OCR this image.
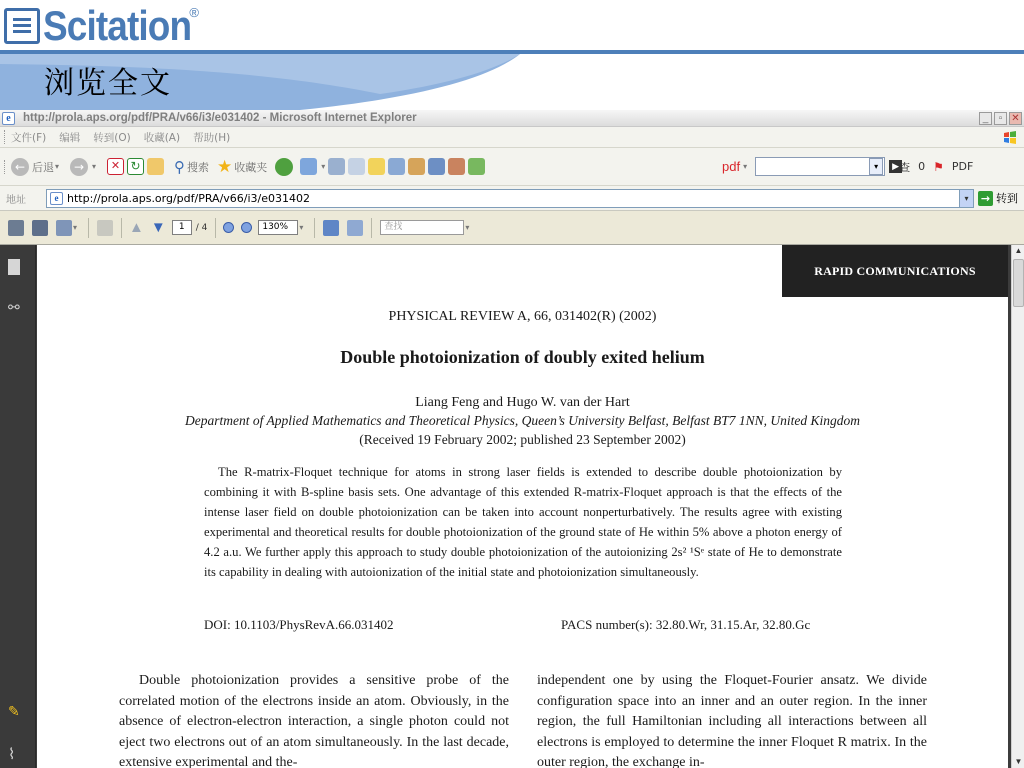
Scitation
®
浏览全文
e	http://prola.aps.org/pdf/PRA/v66/i3/e031402 - Microsoft Internet Explorer	_	▫ ✕
文件(F) 编辑 转到(O) 收藏(A) 帮助(H)
← 后退 ▾	→ ▾	✕ ↻ ⚲ 搜索 ★ 收藏夹	▾	pdf ▾	▾	▶ 查 0 ⚑ PDF
地址	e http://prola.aps.org/pdf/PRA/v66/i3/e031402	▾	→ 转到
▾	▲ ▼	1	/ 4	130%	▾	查找	▾
⚯
✎
⌇
RAPID COMMUNICATIONS
PHYSICAL REVIEW A, 66, 031402(R) (2002)
Double photoionization of doubly exited helium
Liang Feng and Hugo W. van der Hart
Department of Applied Mathematics and Theoretical Physics, Queen’s University Belfast, Belfast BT7 1NN, United Kingdom
(Received 19 February 2002; published 23 September 2002)

The R-matrix-Floquet technique for atoms in strong laser fields is extended to describe double photoionization by combining it with B-spline basis sets. One advantage of this extended R-matrix-Floquet approach is that the effects of the intense laser field on double photoionization can be taken into account nonperturbatively. The results agree with existing experimental and theoretical results for double photoionization of the ground state of He within 5% above a photon energy of 4.2 a.u. We further apply this approach to study double photoionization of the autoionizing 2s² ¹Sᵉ state of He to demonstrate its capability in dealing with autoionization of the initial state and photoionization simultaneously.

DOI: 10.1103/PhysRevA.66.031402	PACS number(s): 32.80.Wr, 31.15.Ar, 32.80.Gc

Double photoionization provides a sensitive probe of the correlated motion of the electrons inside an atom. Obviously, in the absence of electron-electron interaction, a single photon could not eject two electrons out of an atom simultaneously. In the last decade, extensive experimental and the-

independent one by using the Floquet-Fourier ansatz. We divide configuration space into an inner and an outer region. In the inner region, the full Hamiltonian including all interactions between all electrons is employed to determine the inner Floquet R matrix. In the outer region, the exchange in-

▲
▼
